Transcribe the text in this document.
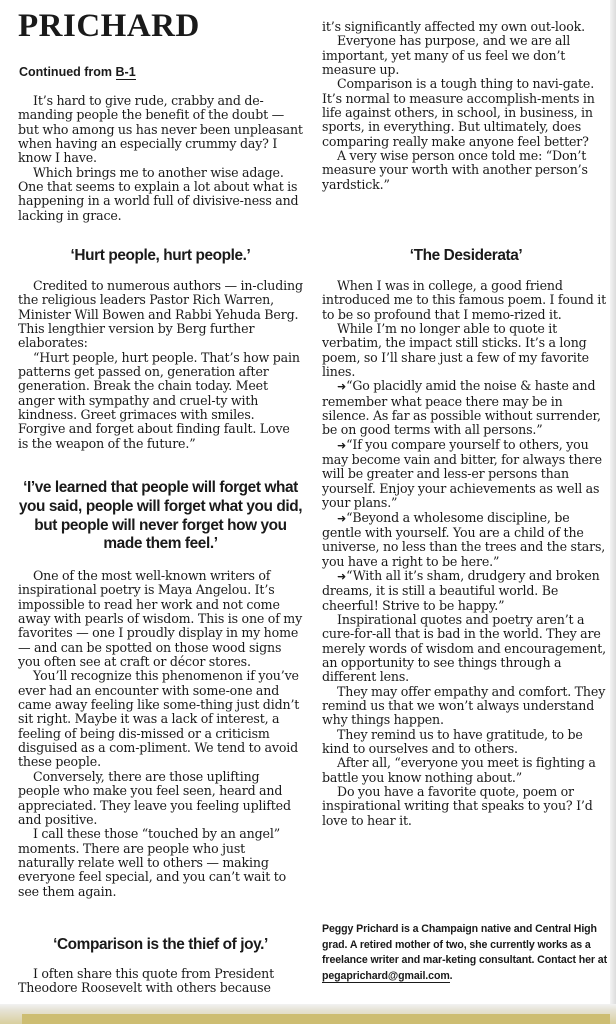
PRICHARD
Continued from B-1

It’s hard to give rude, crabby and de-manding people the benefit of the doubt — but who among us has never been unpleasant when having an especially crummy day? I know I have.

Which brings me to another wise adage. One that seems to explain a lot about what is happening in a world full of divisive-ness and lacking in grace.

‘Hurt people, hurt people.’

Credited to numerous authors — in-cluding the religious leaders Pastor Rich Warren, Minister Will Bowen and Rabbi Yehuda Berg. This lengthier version by Berg further elaborates:

“Hurt people, hurt people. That’s how pain patterns get passed on, generation after generation. Break the chain today. Meet anger with sympathy and cruel-ty with kindness. Greet grimaces with smiles. Forgive and forget about finding fault. Love is the weapon of the future.”

‘I’ve learned that people will forget what you said, people will forget what you did, but people will never forget how you made them feel.’

One of the most well-known writers of inspirational poetry is Maya Angelou. It’s impossible to read her work and not come away with pearls of wisdom. This is one of my favorites — one I proudly display in my home — and can be spotted on those wood signs you often see at craft or décor stores.

You’ll recognize this phenomenon if you’ve ever had an encounter with some-one and came away feeling like some-thing just didn’t sit right. Maybe it was a lack of interest, a feeling of being dis-missed or a criticism disguised as a com-pliment. We tend to avoid these people.

Conversely, there are those uplifting people who make you feel seen, heard and appreciated. They leave you feeling uplifted and positive.

I call these those “touched by an angel” moments. There are people who just naturally relate well to others — making everyone feel special, and you can’t wait to see them again.

‘Comparison is the thief of joy.’

I often share this quote from President Theodore Roosevelt with others because

it’s significantly affected my own out-look.

Everyone has purpose, and we are all important, yet many of us feel we don’t measure up.

Comparison is a tough thing to navi-gate. It’s normal to measure accomplish-ments in life against others, in school, in business, in sports, in everything. But ultimately, does comparing really make anyone feel better?

A very wise person once told me: “Don’t measure your worth with another person’s yardstick.”

‘The Desiderata’

When I was in college, a good friend introduced me to this famous poem. I found it to be so profound that I memo-rized it.

While I’m no longer able to quote it verbatim, the impact still sticks. It’s a long poem, so I’ll share just a few of my favorite lines.

➜“Go placidly amid the noise & haste and remember what peace there may be in silence. As far as possible without surrender, be on good terms with all persons.”

➜“If you compare yourself to others, you may become vain and bitter, for always there will be greater and less-er persons than yourself. Enjoy your achievements as well as your plans.”

➜“Beyond a wholesome discipline, be gentle with yourself. You are a child of the universe, no less than the trees and the stars, you have a right to be here.”

➜“With all it’s sham, drudgery and broken dreams, it is still a beautiful world. Be cheerful! Strive to be happy.”

Inspirational quotes and poetry aren’t a cure-for-all that is bad in the world. They are merely words of wisdom and encouragement, an opportunity to see things through a different lens.

They may offer empathy and comfort. They remind us that we won’t always understand why things happen.

They remind us to have gratitude, to be kind to ourselves and to others.

After all, “everyone you meet is fighting a battle you know nothing about.”

Do you have a favorite quote, poem or inspirational writing that speaks to you? I’d love to hear it.

Peggy Prichard is a Champaign native and Central High grad. A retired mother of two, she currently works as a freelance writer and mar-keting consultant. Contact her at pegaprichard@gmail.com.
